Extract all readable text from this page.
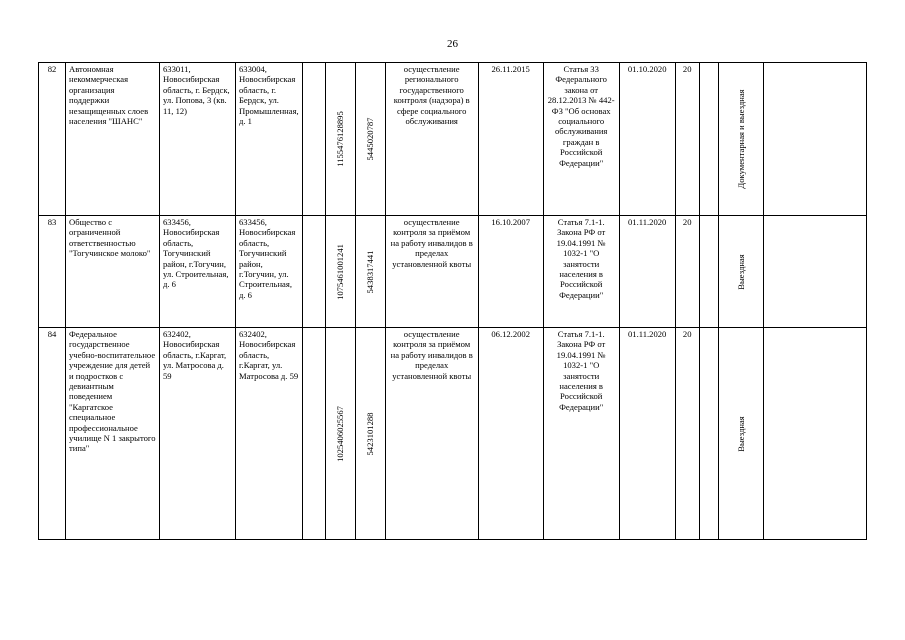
26
82	Автономная некоммерческая организация поддержки незащищенных слоев населения "ШАНС"	633011, Новосибирская область, г. Бердск, ул. Попова, 3 (кв. 11, 12)	633004, Новосибирская область, г. Бердск, ул. Промышленная, д. 1		1155476128895	5445020787	осуществление регионального государственного контроля (надзора) в сфере социального обслуживания	26.11.2015	Статья 33 Федерального закона от 28.12.2013 № 442-ФЗ "Об основах социального обслуживания граждан в Российской Федерации"	01.10.2020	20		Документарная и выездная	

83	Общество с ограниченной ответственностью "Тогучинское молоко"	633456, Новосибирская область, Тогучинский район, г.Тогучин, ул. Строительная, д. 6	633456, Новосибирская область, Тогучинский район, г.Тогучин, ул. Строительная, д. 6		1075461001241	5438317441	осуществление контроля за приёмом на работу инвалидов в пределах установленной квоты	16.10.2007	Статья 7.1-1. Закона РФ от 19.04.1991 № 1032-1 "О занятости населения в Российской Федерации"	01.11.2020	20		Выездная	

84	Федеральное государственное учебно-воспитательное учреждение для детей и подростков с девиантным поведением "Каргатское специальное профессиональное училище N 1 закрытого типа"	632402, Новосибирская область, г.Каргат, ул. Матросова д. 59	632402, Новосибирская область, г.Каргат, ул. Матросова д. 59		1025406025567	5423101288	осуществление контроля за приёмом на работу инвалидов в пределах установленной квоты	06.12.2002	Статья 7.1-1. Закона РФ от 19.04.1991 № 1032-1 "О занятости населения в Российской Федерации"	01.11.2020	20		Выездная	
